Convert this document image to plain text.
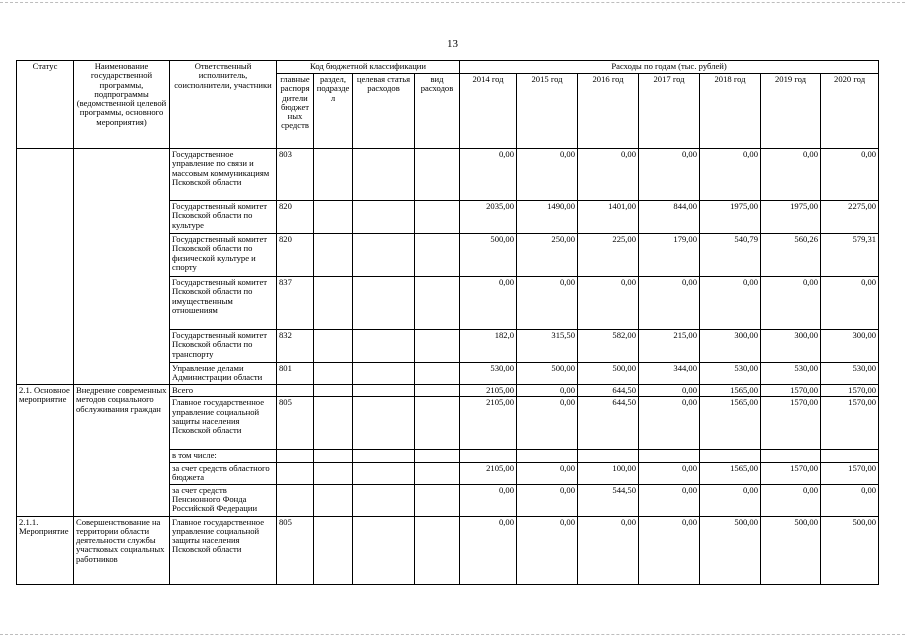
13
Статус	Наименование государственной программы, подпрограммы (ведомственной целевой программы, основного мероприятия)	Ответственный исполнитель, соисполнители, участники	Код бюджетной классификации				Расходы по годам (тыс. рублей)						
			главные распоря дители бюджет ных средств	раздел, подраздел	целевая статья расходов	вид расходов	2014 год	2015 год	2016 год	2017 год	2018 год	2019 год	2020 год
		Государственное управление по связи и массовым коммуникациям Псковской области	803				0,00	0,00	0,00	0,00	0,00	0,00	0,00
		Государственный комитет Псковской области по культуре	820				2035,00	1490,00	1401,00	844,00	1975,00	1975,00	2275,00
		Государственный комитет Псковской области по физической культуре и спорту	820				500,00	250,00	225,00	179,00	540,79	560,26	579,31
		Государственный комитет Псковской области по имущественным отношениям	837				0,00	0,00	0,00	0,00	0,00	0,00	0,00
		Государственный комитет Псковской области по транспорту	832				182,0	315,50	582,00	215,00	300,00	300,00	300,00
		Управление делами Администрации области	801				530,00	500,00	500,00	344,00	530,00	530,00	530,00
2.1. Основное мероприятие	Внедрение современных методов социального обслуживания граждан	Всего					2105,00	0,00	644,50	0,00	1565,00	1570,00	1570,00
		Главное государственное управление социальной защиты населения Псковской области	805				2105,00	0,00	644,50	0,00	1565,00	1570,00	1570,00
		в том числе:											
		за счет средств областного бюджета					2105,00	0,00	100,00	0,00	1565,00	1570,00	1570,00
		за счет средств Пенсионного Фонда Российской Федерации					0,00	0,00	544,50	0,00	0,00	0,00	0,00
2.1.1. Мероприятие	Совершенствование на территории области деятельности службы участковых социальных работников	Главное государственное управление социальной защиты населения Псковской области	805				0,00	0,00	0,00	0,00	500,00	500,00	500,00
